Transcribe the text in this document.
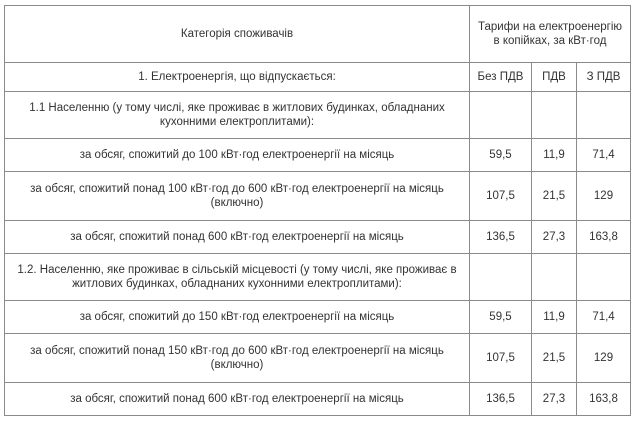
Категорія споживачів	Тарифи на електроенергію в копійках, за кВт·год		
1. Електроенергія, що відпускається:	Без ПДВ	ПДВ	З ПДВ
1.1 Населенню (у тому числі, яке проживає в житлових будинках, обладнаних кухонними електроплитами):			
за обсяг, спожитий до 100 кВт·год електроенергії на місяць	59,5	11,9	71,4
за обсяг, спожитий понад 100 кВт·год до 600 кВт·год електроенергії на місяць (включно)	107,5	21,5	129
за обсяг, спожитий понад 600 кВт·год електроенергії на місяць	136,5	27,3	163,8
1.2. Населенню, яке проживає в сільській місцевості (у тому числі, яке проживає в житлових будинках, обладнаних кухонними електроплитами):			
за обсяг, спожитий до 150 кВт·год електроенергії на місяць	59,5	11,9	71,4
за обсяг, спожитий понад 150 кВт·год до 600 кВт·год електроенергії на місяць (включно)	107,5	21,5	129
за обсяг, спожитий понад 600 кВт·год електроенергії на місяць	136,5	27,3	163,8
